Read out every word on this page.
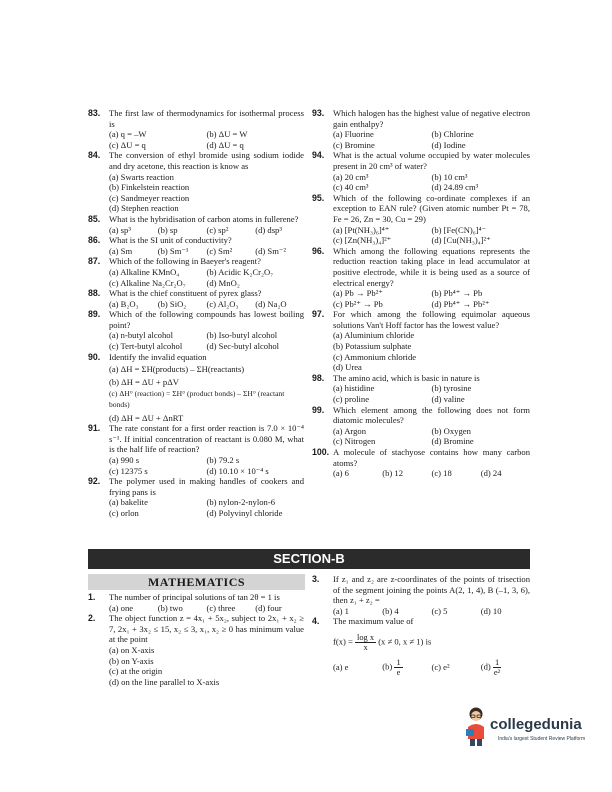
83. The first law of thermodynamics for isothermal process is
(a) q = –W	(b) ΔU = W
(c) ΔU = q	(d) ΔU = q
84. The conversion of ethyl bromide using sodium iodide and dry acetone, this reaction is know as
(a) Swarts reaction
(b) Finkelstein reaction
(c) Sandmeyer reaction
(d) Stephen reaction
85. What is the hybridisation of carbon atoms in fullerene?
(a) sp³	(b) sp	(c) sp²	(d) dsp³
86. What is the SI unit of conductivity?
(a) Sm	(b) Sm⁻¹	(c) Sm²	(d) Sm⁻²
87. Which of the following in Baeyer's reagent?
(a) Alkaline KMnO₄	(b) Acidic K₂Cr₂O₇
(c) Alkaline Na₂Cr₂O₇	(d) MnO₂
88. What is the chief constituent of pyrex glass?
(a) B₂O₃	(b) SiO₂	(c) Al₂O₃	(d) Na₂O
89. Which of the following compounds has lowest boiling point?
(a) n-butyl alcohol	(b) Iso-butyl alcohol
(c) Tert-butyl alcohol	(d) Sec-butyl alcohol
90. Identify the invalid equation
(a) ΔH = ΣH(products) – ΣH(reactants)
(b) ΔH = ΔU + pΔV
(c) ΔH° (reaction) = ΣH° (product bonds) – ΣH° (reactant bonds)
(d) ΔH = ΔU + ΔnRT
91. The rate constant for a first order reaction is 7.0 × 10⁻⁴ s⁻¹. If initial concentration of reactant is 0.080 M, what is the half life of reaction?
(a) 990 s	(b) 79.2 s
(c) 12375 s	(d) 10.10 × 10⁻⁴ s
92. The polymer used in making handles of cookers and frying pans is
(a) bakelite	(b) nylon-2-nylon-6
(c) orlon	(d) Polyvinyl chloride
93. Which halogen has the highest value of negative electron gain enthalpy?
(a) Fluorine	(b) Chlorine
(c) Bromine	(d) Iodine
94. What is the actual volume occupied by water molecules present in 20 cm³ of water?
(a) 20 cm³	(b) 10 cm³
(c) 40 cm³	(d) 24.89 cm³
95. Which of the following co-ordinate complexes if an exception to EAN rule? (Given atomic number Pt = 78, Fe = 26, Zn = 30, Cu = 29)
(a) [Pt(NH₃)₆]⁴⁺	(b) [Fe(CN)₆]⁴⁻
(c) [Zn(NH₃)₄]²⁺	(d) [Cu(NH₃)₄]²⁺
96. Which among the following equations represents the reduction reaction taking place in lead accumulator at positive electrode, while it is being used as a source of electrical energy?
(a) Pb → Pb²⁺	(b) Pb⁴⁺ → Pb
(c) Pb²⁺ → Pb	(d) Pb⁴⁺ → Pb²⁺
97. For which among the following equimolar aqueous solutions Van't Hoff factor has the lowest value?
(a) Aluminium chloride
(b) Potassium sulphate
(c) Ammonium chloride
(d) Urea
98. The amino acid, which is basic in nature is
(a) histidine	(b) tyrosine
(c) proline	(d) valine
99. Which element among the following does not form diatomic molecules?
(a) Argon	(b) Oxygen
(c) Nitrogen	(d) Bromine
100. A molecule of stachyose contains how many carbon atoms?
(a) 6	(b) 12	(c) 18	(d) 24
SECTION-B
MATHEMATICS
1. The number of principal solutions of tan 2θ = 1 is
(a) one	(b) two	(c) three	(d) four
2. The object function z = 4x₁ + 5x₂, subject to 2x₁ + x₂ ≥ 7, 2x₁ + 3x₂ ≤ 15, x₂ ≤ 3, x₁, x₂ ≥ 0 has minimum value at the point
(a) on X-axis
(b) on Y-axis
(c) at the origin
(d) on the line parallel to X-axis
3. If z₁ and z₂ are z-coordinates of the points of trisection of the segment joining the points A(2, 1, 4), B (–1, 3, 6), then z₁ + z₂ =
(a) 1	(b) 4	(c) 5	(d) 10
4. The maximum value of
$f(x) = \frac{\text{log x}}{x} (x \ne 0$, x ≠ 1) is
(a) e	$(b) \frac{1}{e}$	(c) e²	$(d) \frac{1}{\text{e²}}$
collegedunia
India's largest Student Review Platform
